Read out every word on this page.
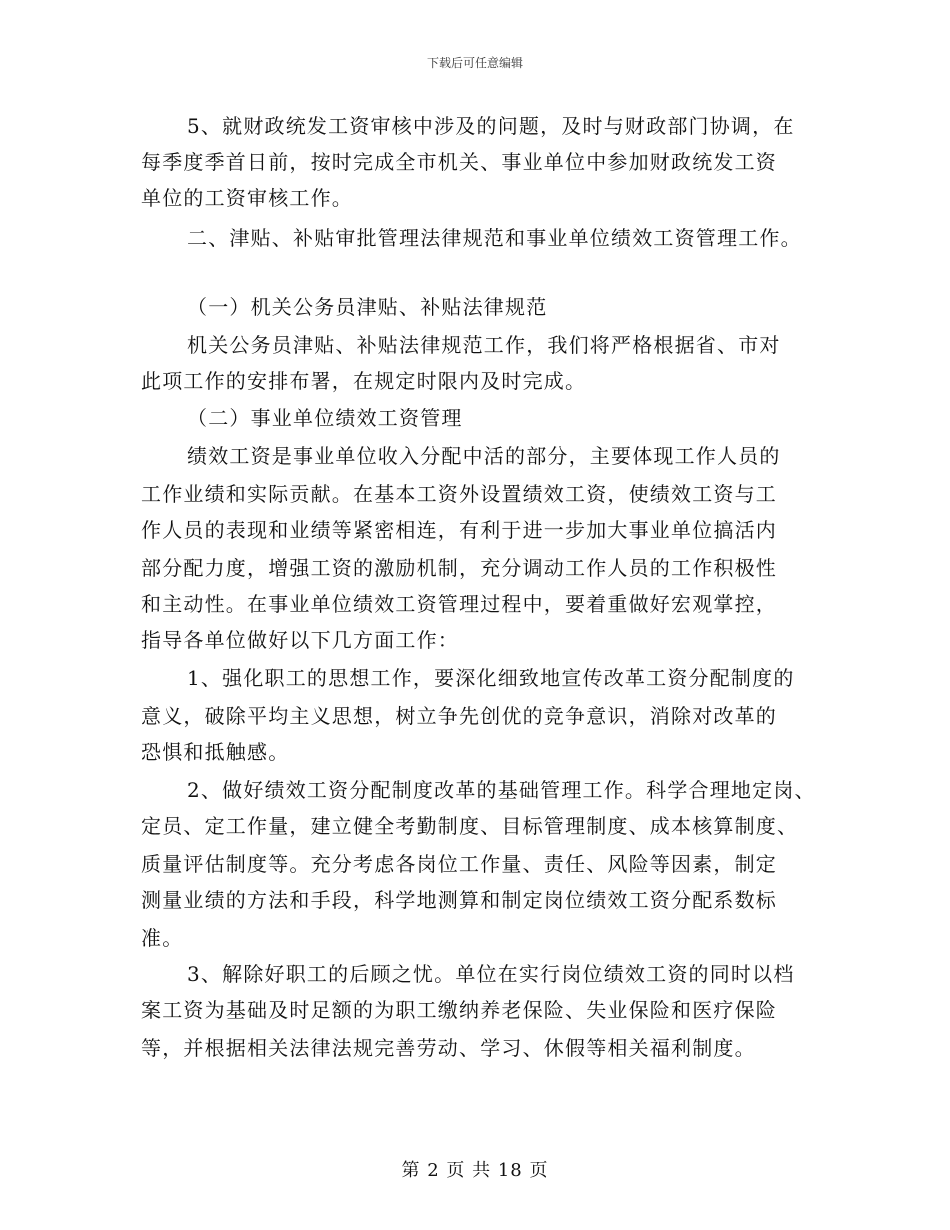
下载后可任意编辑
5、就财政统发工资审核中涉及的问题，及时与财政部门协调，在
每季度季首日前，按时完成全市机关、事业单位中参加财政统发工资
单位的工资审核工作。
二、津贴、补贴审批管理法律规范和事业单位绩效工资管理工作。
（一）机关公务员津贴、补贴法律规范
机关公务员津贴、补贴法律规范工作，我们将严格根据省、市对
此项工作的安排布署，在规定时限内及时完成。
（二）事业单位绩效工资管理
绩效工资是事业单位收入分配中活的部分，主要体现工作人员的
工作业绩和实际贡献。在基本工资外设置绩效工资，使绩效工资与工
作人员的表现和业绩等紧密相连，有利于进一步加大事业单位搞活内
部分配力度，增强工资的激励机制，充分调动工作人员的工作积极性
和主动性。在事业单位绩效工资管理过程中，要着重做好宏观掌控，
指导各单位做好以下几方面工作：
1、强化职工的思想工作，要深化细致地宣传改革工资分配制度的
意义，破除平均主义思想，树立争先创优的竞争意识，消除对改革的
恐惧和抵触感。
2、做好绩效工资分配制度改革的基础管理工作。科学合理地定岗、
定员、定工作量，建立健全考勤制度、目标管理制度、成本核算制度、
质量评估制度等。充分考虑各岗位工作量、责任、风险等因素，制定
测量业绩的方法和手段，科学地测算和制定岗位绩效工资分配系数标
准。
3、解除好职工的后顾之忧。单位在实行岗位绩效工资的同时以档
案工资为基础及时足额的为职工缴纳养老保险、失业保险和医疗保险
等，并根据相关法律法规完善劳动、学习、休假等相关福利制度。
第 2 页 共 18 页
